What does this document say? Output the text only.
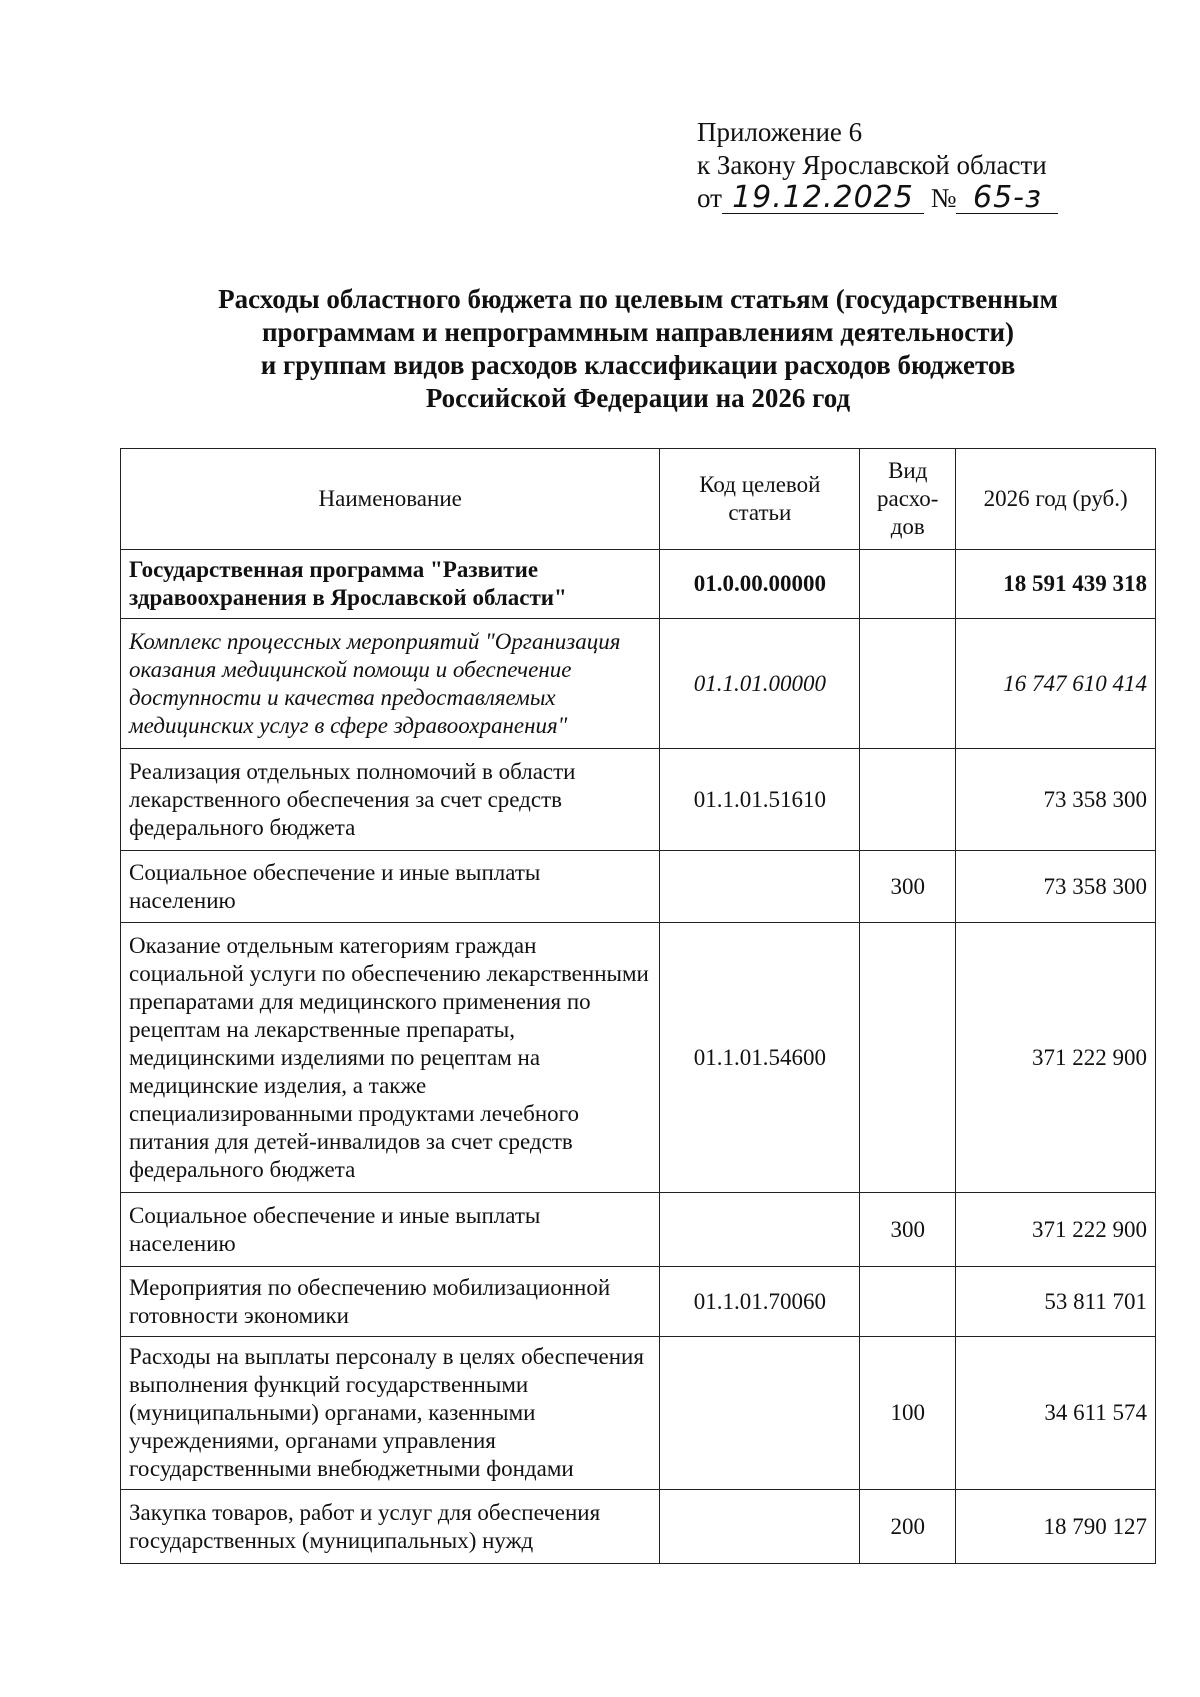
Приложение 6
к Закону Ярославской области
от 19.12.2025 № 65-з
Расходы областного бюджета по целевым статьям (государственным
программам и непрограммным направлениям деятельности)
и группам видов расходов классификации расходов бюджетов
Российской Федерации на 2026 год
Наименование	Код целевой статьи	Вид расхо-дов	2026 год (руб.)
Государственная программа "Развитие здравоохранения в Ярославской области"	01.0.00.00000		18 591 439 318
Комплекс процессных мероприятий "Организация оказания медицинской помощи и обеспечение доступности и качества предоставляемых медицинских услуг в сфере здравоохранения"	01.1.01.00000		16 747 610 414
Реализация отдельных полномочий в области лекарственного обеспечения за счет средств федерального бюджета	01.1.01.51610		73 358 300
Социальное обеспечение и иные выплаты населению		300	73 358 300
Оказание отдельным категориям граждан социальной услуги по обеспечению лекарственными препаратами для медицинского применения по рецептам на лекарственные препараты, медицинскими изделиями по рецептам на медицинские изделия, а также специализированными продуктами лечебного питания для детей-инвалидов за счет средств федерального бюджета	01.1.01.54600		371 222 900
Социальное обеспечение и иные выплаты населению		300	371 222 900
Мероприятия по обеспечению мобилизационной готовности экономики	01.1.01.70060		53 811 701
Расходы на выплаты персоналу в целях обеспечения выполнения функций государственными (муниципальными) органами, казенными учреждениями, органами управления государственными внебюджетными фондами		100	34 611 574
Закупка товаров, работ и услуг для обеспечения государственных (муниципальных) нужд		200	18 790 127
